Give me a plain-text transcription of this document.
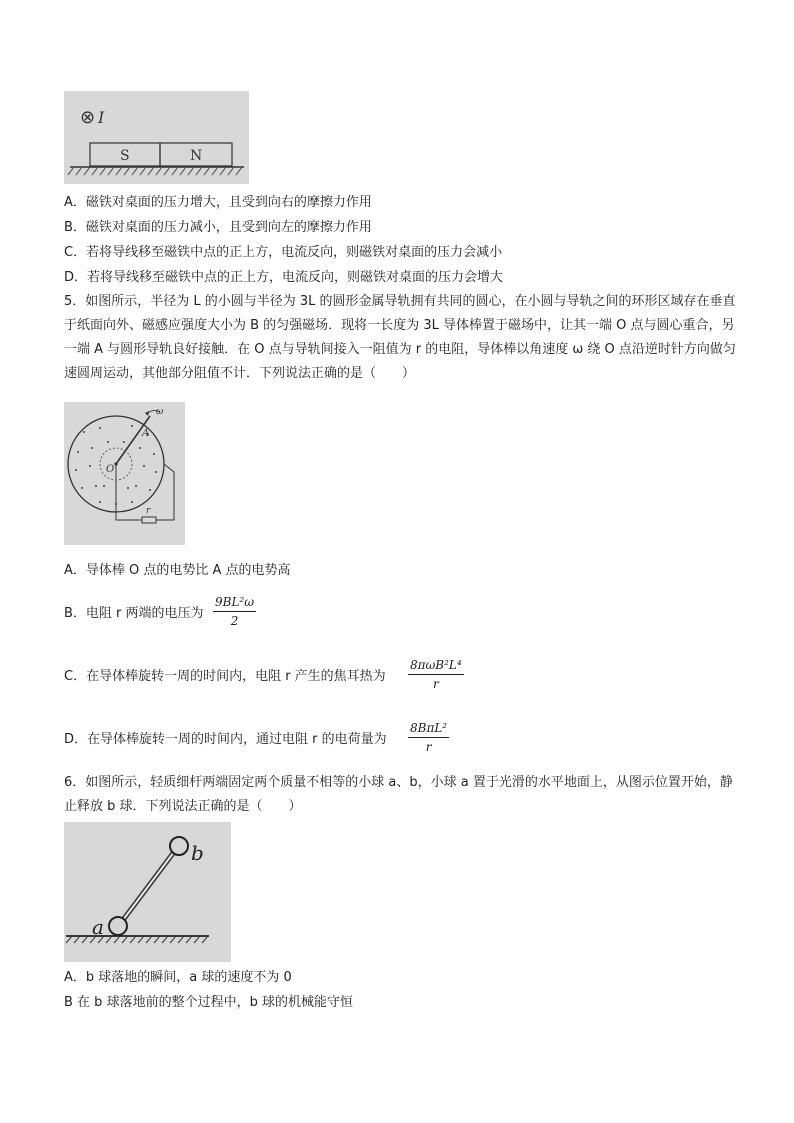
⊗ I
S	N
A．磁铁对桌面的压力增大，且受到向右的摩擦力作用
B．磁铁对桌面的压力减小，且受到向左的摩擦力作用
C．若将导线移至磁铁中点的正上方，电流反向，则磁铁对桌面的压力会减小
D．若将导线移至磁铁中点的正上方，电流反向，则磁铁对桌面的压力会增大
5．如图所示，半径为 L 的小圆与半径为 3L 的圆形金属导轨拥有共同的圆心，在小圆与导轨之间的环形区域存在垂直于纸面向外、磁感应强度大小为 B 的匀强磁场．现将一长度为 3L 导体棒置于磁场中，让其一端 O 点与圆心重合，另一端 A 与圆形导轨良好接触．在 O 点与导轨间接入一阻值为 r 的电阻，导体棒以角速度 ω 绕 O 点沿逆时针方向做匀速圆周运动，其他部分阻值不计．下列说法正确的是（　　）
ω
A
O
r
A．导体棒 O 点的电势比 A 点的电势高
B．电阻 r 两端的电压为 $\frac{\text{9BL²ω}}{2}$
C．在导体棒旋转一周的时间内，电阻 r 产生的焦耳热为
8πωB²L⁴
r
D．在导体棒旋转一周的时间内，通过电阻 r 的电荷量为
8BπL²
r
6．如图所示，轻质细杆两端固定两个质量不相等的小球 a、b，小球 a 置于光滑的水平地面上，从图示位置开始，静止释放 b 球．下列说法正确的是（　　）
b
a
A．b 球落地的瞬间，a 球的速度不为 0
B 在 b 球落地前的整个过程中，b 球的机械能守恒
